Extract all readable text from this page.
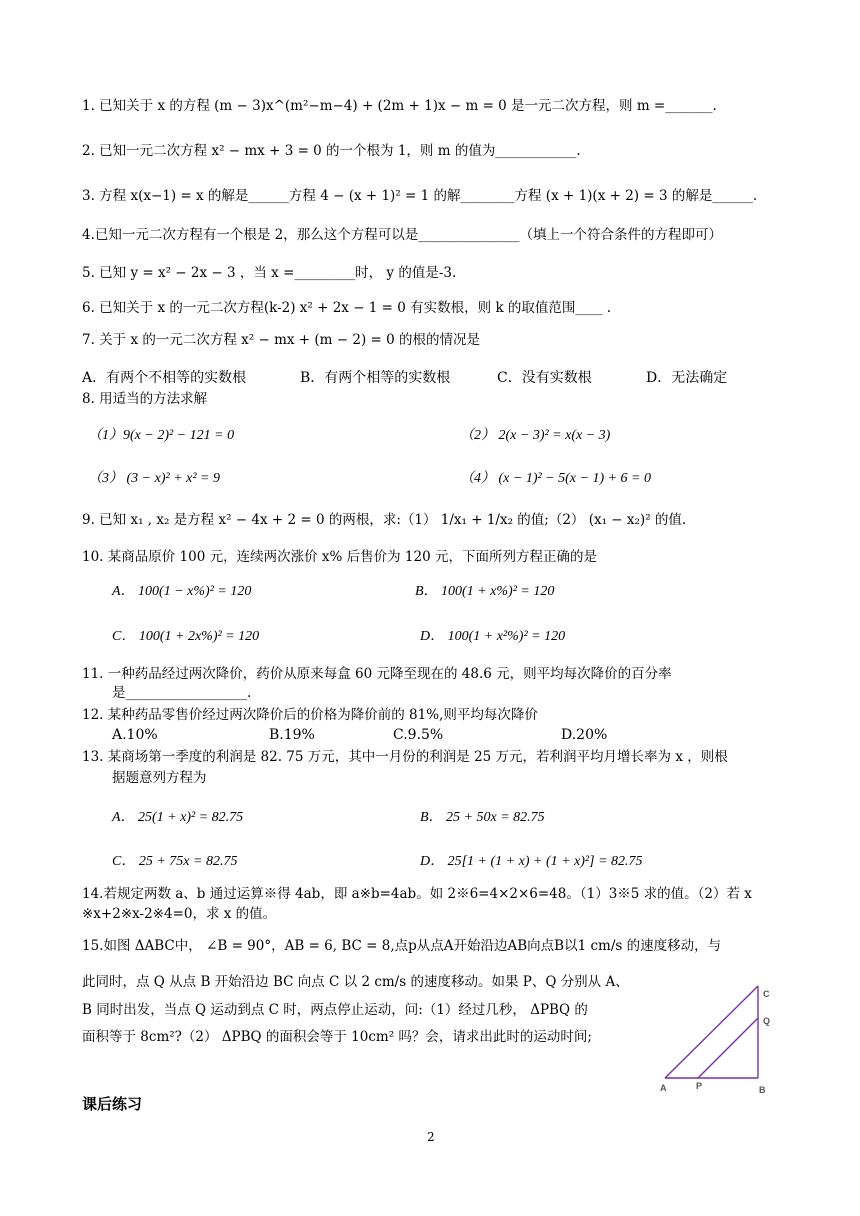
1. 已知关于 x 的方程 (m − 3)x^(m²−m−4) + (2m + 1)x − m = 0 是一元二次方程，则 m =_______.
2. 已知一元二次方程 x² − mx + 3 = 0 的一个根为 1，则 m 的值为____________.
3. 方程 x(x−1) = x 的解是______方程 4 − (x + 1)² = 1 的解________方程 (x + 1)(x + 2) = 3 的解是______.
4.已知一元二次方程有一个根是 2，那么这个方程可以是_______________（填上一个符合条件的方程即可）
5. 已知 y = x² − 2x − 3 ，当 x =_________时， y 的值是-3.
6. 已知关于 x 的一元二次方程(k-2) x² + 2x − 1 = 0 有实数根，则 k 的取值范围____ .
7. 关于 x 的一元二次方程 x² − mx + (m − 2) = 0 的根的情况是
A．有两个不相等的实数根	B．有两个相等的实数根	C．没有实数根	D．无法确定
8. 用适当的方法求解
（1）9(x − 2)² − 121 = 0	（2） 2(x − 3)² = x(x − 3)
（3） (3 − x)² + x² = 9	（4） (x − 1)² − 5(x − 1) + 6 = 0
9. 已知 x₁ , x₂ 是方程 x² − 4x + 2 = 0 的两根，求:（1） 1/x₁ + 1/x₂ 的值;（2） (x₁ − x₂)² 的值.
10. 某商品原价 100 元，连续两次涨价 x% 后售价为 120 元，下面所列方程正确的是
A． 100(1 − x%)² = 120	B． 100(1 + x%)² = 120
C． 100(1 + 2x%)² = 120	D． 100(1 + x²%)² = 120
11. 一种药品经过两次降价，药价从原来每盒 60 元降至现在的 48.6 元，则平均每次降价的百分率
是__________________.
12. 某种药品零售价经过两次降价后的价格为降价前的 81%,则平均每次降价
A.10%	B.19%	C.9.5%	D.20%
13. 某商场第一季度的利润是 82. 75 万元，其中一月份的利润是 25 万元，若利润平均月增长率为 x ，则根
据题意列方程为
A． 25(1 + x)² = 82.75	B． 25 + 50x = 82.75
C． 25 + 75x = 82.75	D． 25[1 + (1 + x) + (1 + x)²] = 82.75
14.若规定两数 a、b 通过运算※得 4ab，即 a※b=4ab。如 2※6=4×2×6=48。（1）3※5 求的值。（2）若 x
※x+2※x-2※4=0，求 x 的值。
15.如图 ΔABC中， ∠B = 90°，AB = 6, BC = 8,点p从点A开始沿边AB向点B以1 cm/s 的速度移动，与
此同时，点 Q 从点 B 开始沿边 BC 向点 C 以 2 cm/s 的速度移动。如果 P、Q 分别从 A、
B 同时出发，当点 Q 运动到点 C 时，两点停止运动，问:（1）经过几秒， ΔPBQ 的
面积等于 8cm²?（2） ΔPBQ 的面积会等于 10cm² 吗？会，请求出此时的运动时间;
C
Q
A	P	B
课后练习
2
